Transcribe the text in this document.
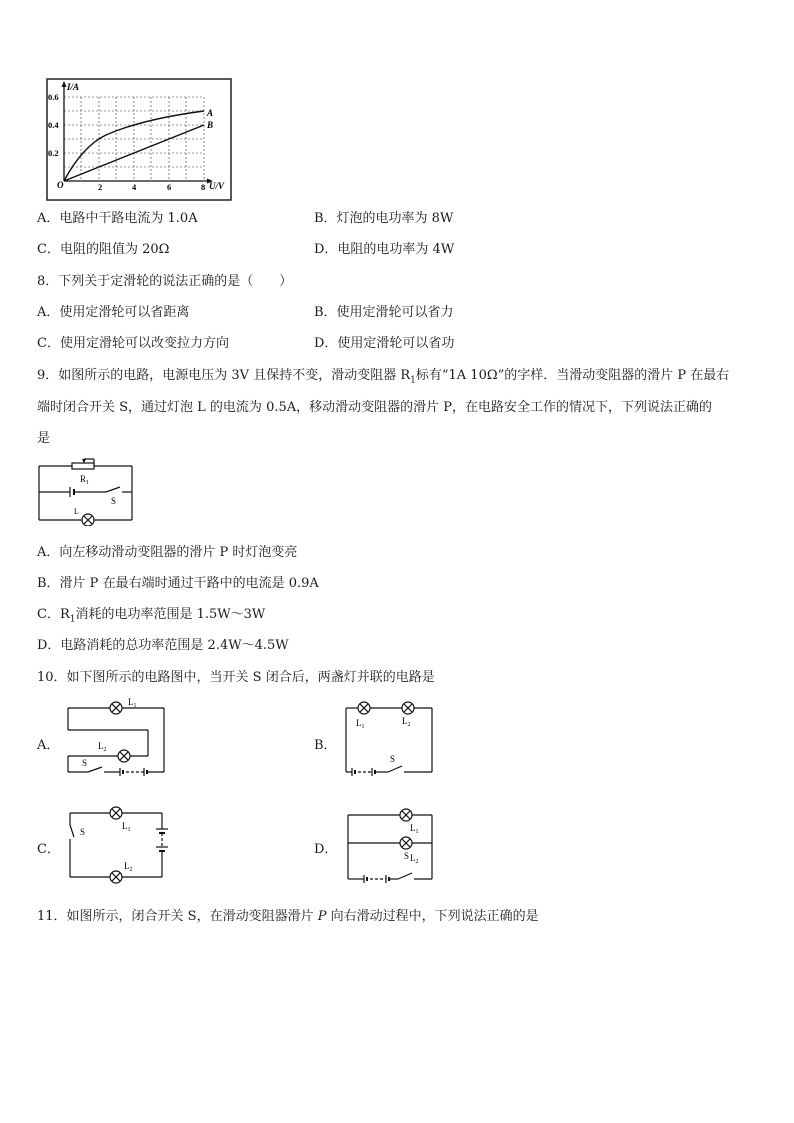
I/A
U/V
O
0.6
0.4
0.2
2	4	6	8
A
B
A．电路中干路电流为 1.0A	B．灯泡的电功率为 8W
C．电阻的阻值为 20Ω	D．电阻的电功率为 4W
8．下列关于定滑轮的说法正确的是（　　）
A．使用定滑轮可以省距离	B．使用定滑轮可以省力
C．使用定滑轮可以改变拉力方向	D．使用定滑轮可以省功
9．如图所示的电路，电源电压为 3V 且保持不变，滑动变阻器 $R_1$标有“1A 10Ω”的字样．当滑动变阻器的滑片 P 在最右
端时闭合开关 S，通过灯泡 L 的电流为 0.5A，移动滑动变阻器的滑片 P，在电路安全工作的情况下，下列说法正确的
是
$R_1$
S
L
A．向左移动滑动变阻器的滑片 P 时灯泡变亮
B．滑片 P 在最右端时通过干路中的电流是 0.9A
C．$R_1$消耗的电功率范围是 1.5W～3W
D．电路消耗的总功率范围是 2.4W～4.5W
10．如下图所示的电路图中，当开关 S 闭合后，两盏灯并联的电路是
A．
$L_1$
$L_2$
S
B．
$L_1$
$L_2$
S
C．
S
$L_1$
$L_2$
D．
$L_1$
S $L_2$
11．如图所示，闭合开关 S，在滑动变阻器滑片 P 向右滑动过程中，下列说法正确的是
